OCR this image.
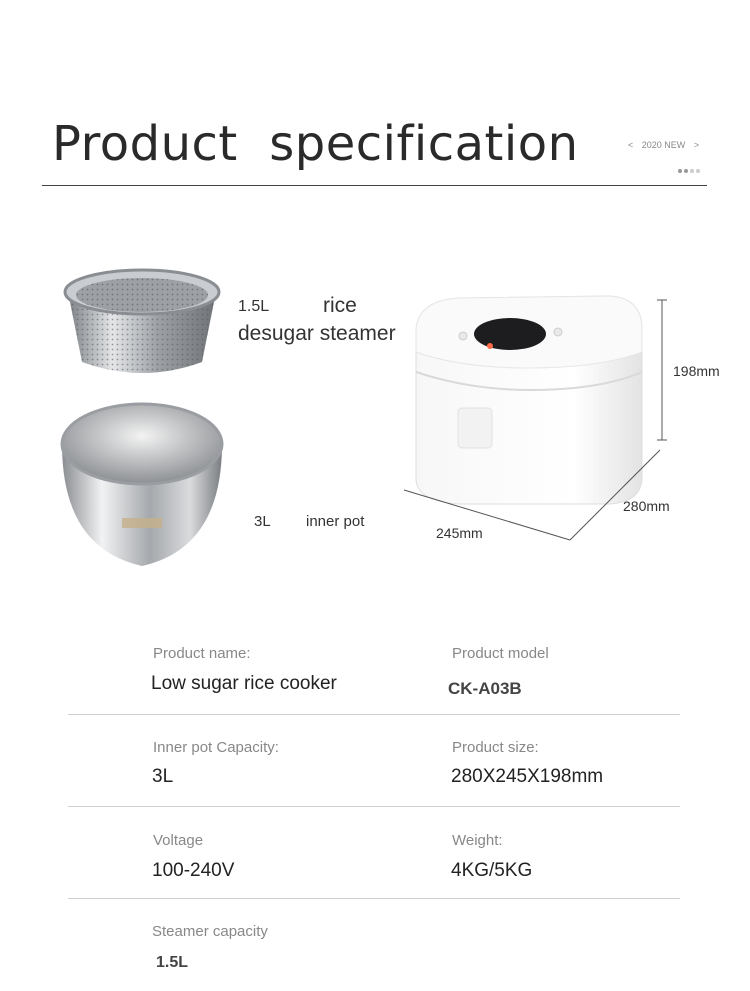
Product  specification	< 2020 NEW >
1.5L	rice
desugar steamer
3L inner pot
198mm
280mm
245mm
Product name:
Low sugar rice cooker
Product model
CK-A03B
Inner pot Capacity:
3L
Product size:
280X245X198mm
Voltage
100-240V
Weight:
4KG/5KG
Steamer capacity
1.5L
